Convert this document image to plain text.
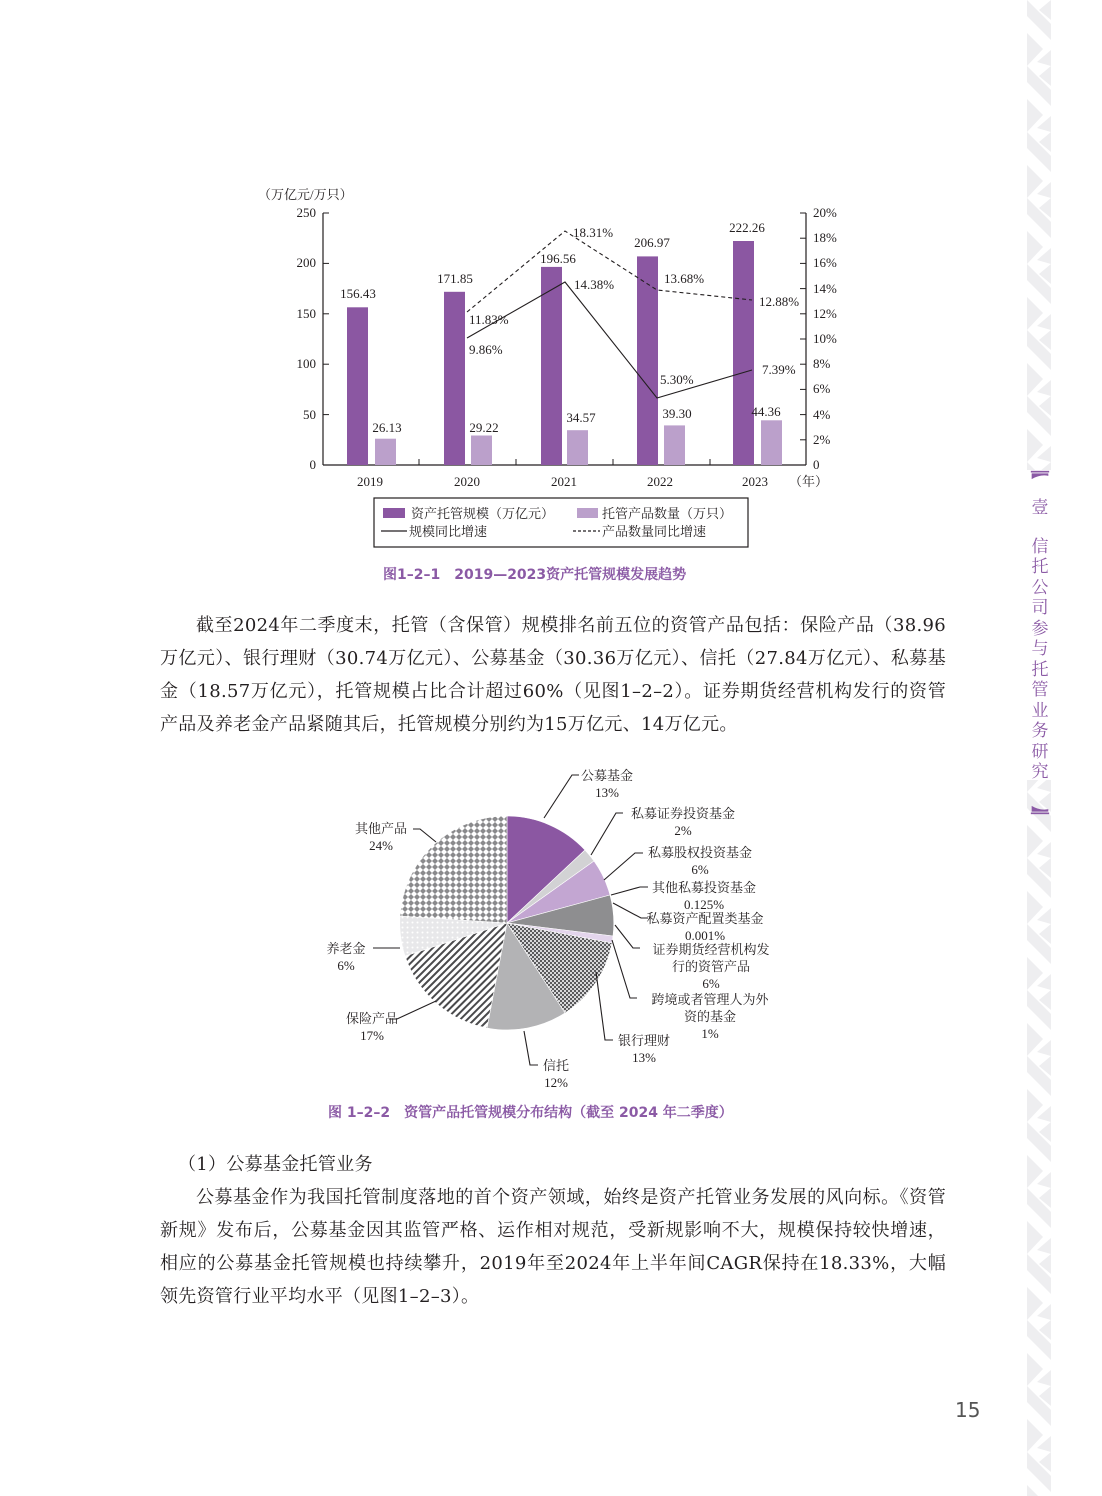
壹
信
托
公
司
参
与
托
管
业
务
研
究
（万亿元/万只）
0
50
100
150
200
250
0
2%
4%
6%
8%
10%
12%
14%
16%
18%
20%
156.43
171.85
196.56
206.97
222.26
26.13	29.22
34.57	39.30	44.36
9.86%
14.38%
5.30%
7.39%
11.83%
18.31%
13.68%
12.88%
2019	2020	2021	2022	2023 （年）
资产托管规模（万亿元）	托管产品数量（万只）
规模同比增速	产品数量同比增速
图1–2–1　2019—2023资产托管规模发展趋势

截至2024年二季度末，托管（含保管）规模排名前五位的资管产品包括：保险产品（38.96万亿元）、银行理财（30.74万亿元）、公募基金（30.36万亿元）、信托（27.84万亿元）、私募基金（18.57万亿元），托管规模占比合计超过60%（见图1–2–2）。证券期货经营机构发行的资管产品及养老金产品紧随其后，托管规模分别约为15万亿元、14万亿元。

公募基金
13%
私募证券投资基金
2%
私募股权投资基金
6%
其他私募投资基金
0.125%
私募资产配置类基金
0.001%
证券期货经营机构发
行的资管产品
6%
跨境或者管理人为外
资的基金
1%
银行理财
13%
信托
12%
保险产品
17%
养老金
6%
其他产品
24%
图 1–2–2　资管产品托管规模分布结构（截至 2024 年二季度）

（1）公募基金托管业务

公募基金作为我国托管制度落地的首个资产领域，始终是资产托管业务发展的风向标。《资管新规》发布后，公募基金因其监管严格、运作相对规范，受新规影响不大，规模保持较快增速，相应的公募基金托管规模也持续攀升，2019年至2024年上半年间CAGR保持在18.33%，大幅领先资管行业平均水平（见图1–2–3）。

15
